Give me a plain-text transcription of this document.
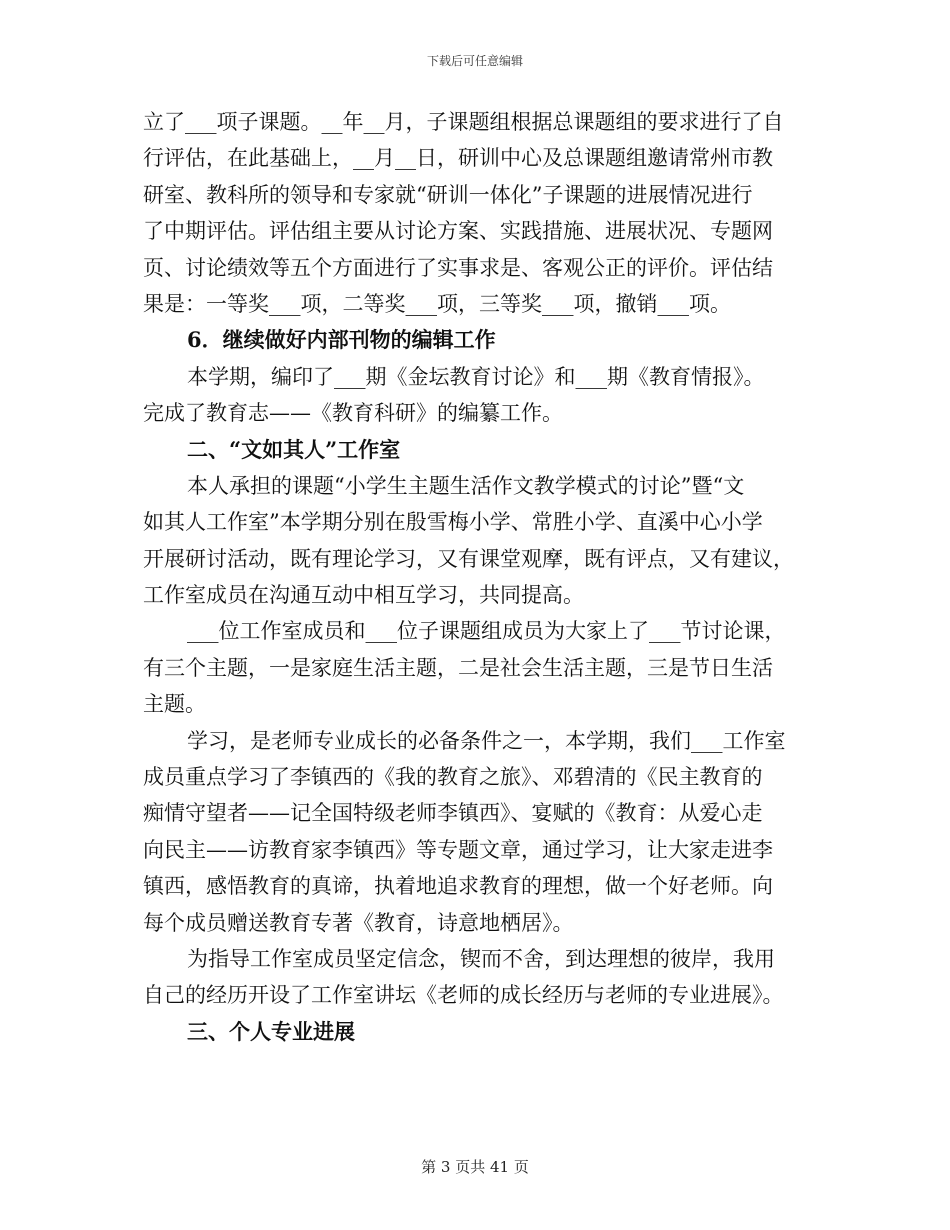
下载后可任意编辑
立了___项子课题。__年__月，子课题组根据总课题组的要求进行了自
行评估，在此基础上，__月__日，研训中心及总课题组邀请常州市教
研室、教科所的领导和专家就“研训一体化”子课题的进展情况进行
了中期评估。评估组主要从讨论方案、实践措施、进展状况、专题网
页、讨论绩效等五个方面进行了实事求是、客观公正的评价。评估结
果是：一等奖___项，二等奖___项，三等奖___项，撤销___项。
6．继续做好内部刊物的编辑工作
本学期，编印了___期《金坛教育讨论》和___期《教育情报》。
完成了教育志——《教育科研》的编纂工作。
二、“文如其人”工作室
本人承担的课题“小学生主题生活作文教学模式的讨论”暨“文
如其人工作室”本学期分别在殷雪梅小学、常胜小学、直溪中心小学
开展研讨活动，既有理论学习，又有课堂观摩，既有评点，又有建议，
工作室成员在沟通互动中相互学习，共同提高。
___位工作室成员和___位子课题组成员为大家上了___节讨论课，
有三个主题，一是家庭生活主题，二是社会生活主题，三是节日生活
主题。
学习，是老师专业成长的必备条件之一，本学期，我们___工作室
成员重点学习了李镇西的《我的教育之旅》、邓碧清的《民主教育的
痴情守望者——记全国特级老师李镇西》、宴赋的《教育：从爱心走
向民主——访教育家李镇西》等专题文章，通过学习，让大家走进李
镇西，感悟教育的真谛，执着地追求教育的理想，做一个好老师。向
每个成员赠送教育专著《教育，诗意地栖居》。
为指导工作室成员坚定信念，锲而不舍，到达理想的彼岸，我用
自己的经历开设了工作室讲坛《老师的成长经历与老师的专业进展》。
三、个人专业进展
第 3 页共 41 页
